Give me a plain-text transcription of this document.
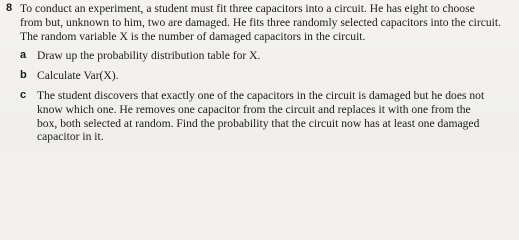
8 To conduct an experiment, a student must fit three capacitors into a circuit. He has eight to choose
from but, unknown to him, two are damaged. He fits three randomly selected capacitors into the circuit.
The random variable X is the number of damaged capacitors in the circuit.
a Draw up the probability distribution table for X.
b Calculate Var(X).
c The student discovers that exactly one of the capacitors in the circuit is damaged but he does not
know which one. He removes one capacitor from the circuit and replaces it with one from the
box, both selected at random. Find the probability that the circuit now has at least one damaged
capacitor in it.
